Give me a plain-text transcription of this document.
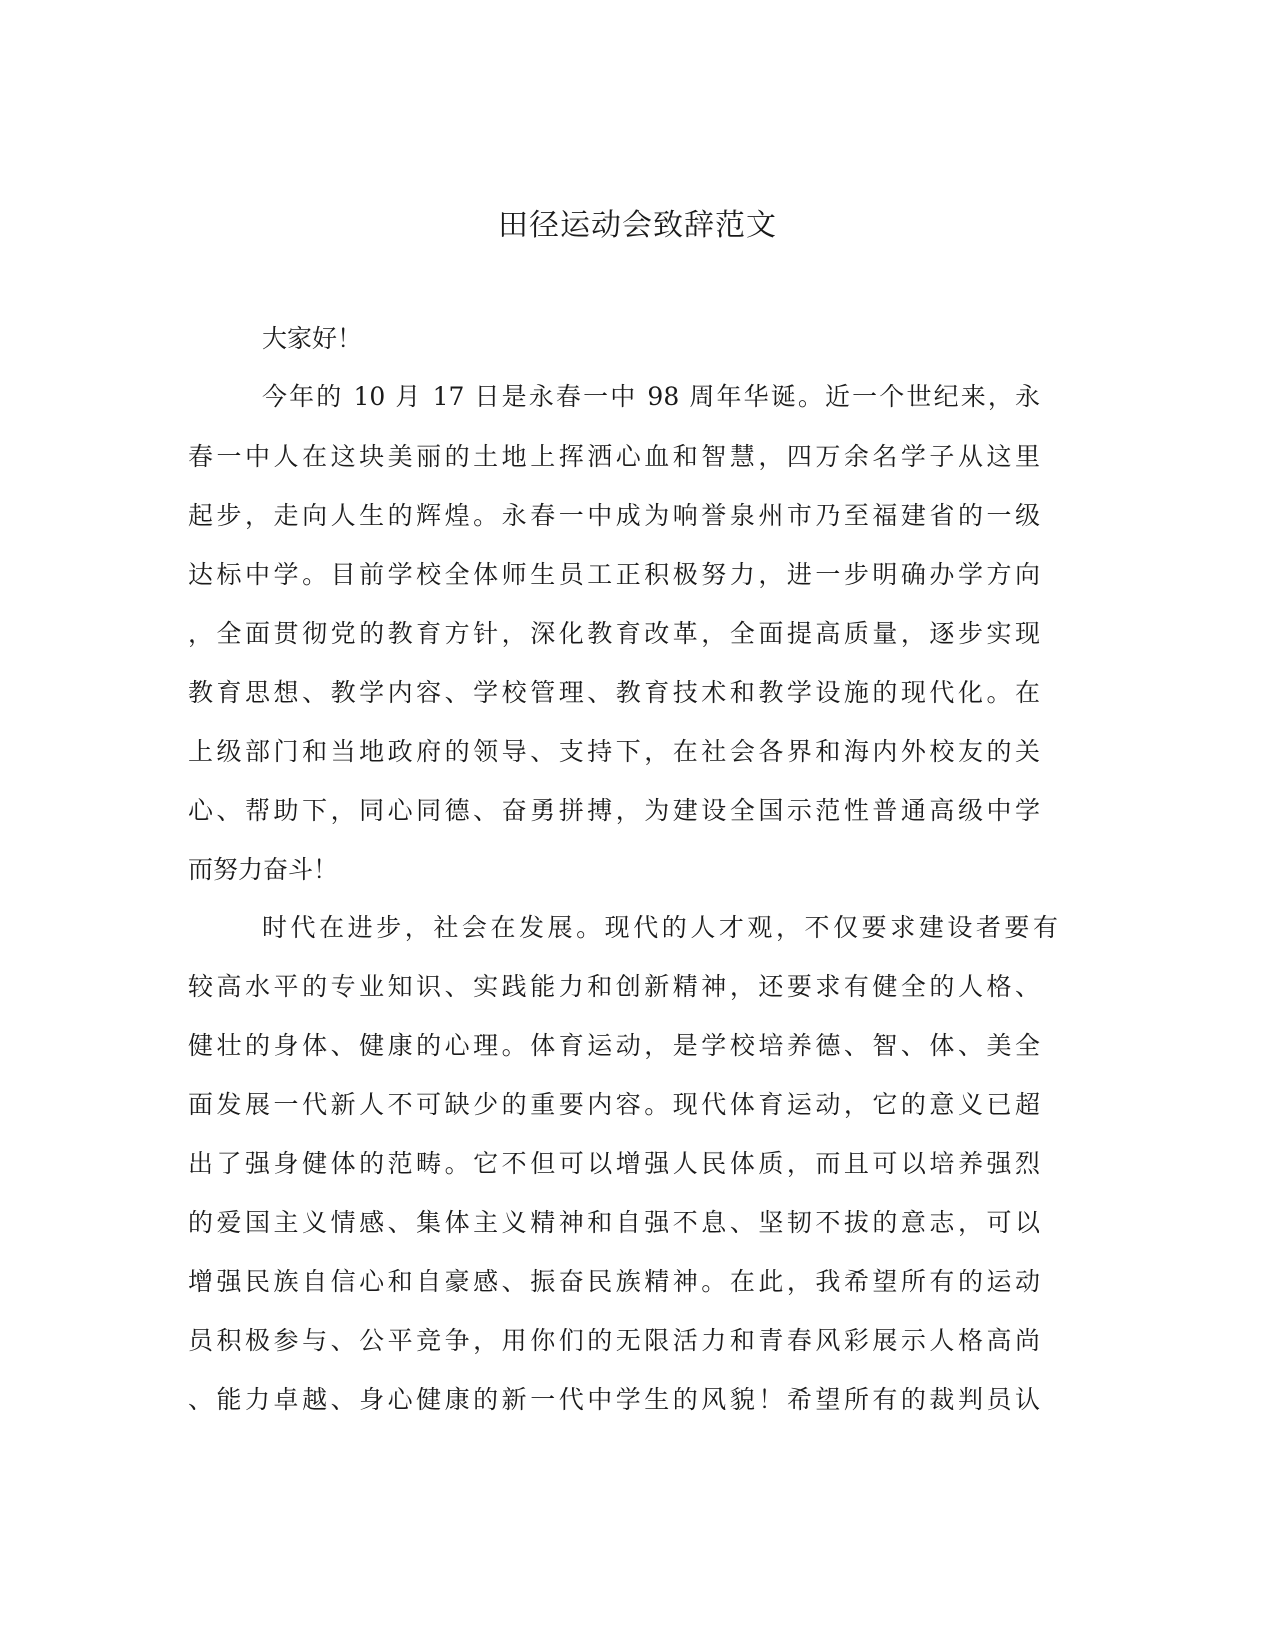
田径运动会致辞范文

大家好！

今年的 10 月 17 日是永春一中 98 周年华诞。近一个世纪来，永

春一中人在这块美丽的土地上挥洒心血和智慧，四万余名学子从这里

起步，走向人生的辉煌。永春一中成为响誉泉州市乃至福建省的一级

达标中学。目前学校全体师生员工正积极努力，进一步明确办学方向

，全面贯彻党的教育方针，深化教育改革，全面提高质量，逐步实现

教育思想、教学内容、学校管理、教育技术和教学设施的现代化。在

上级部门和当地政府的领导、支持下，在社会各界和海内外校友的关

心、帮助下，同心同德、奋勇拼搏，为建设全国示范性普通高级中学

而努力奋斗！

时代在进步，社会在发展。现代的人才观，不仅要求建设者要有

较高水平的专业知识、实践能力和创新精神，还要求有健全的人格、

健壮的身体、健康的心理。体育运动，是学校培养德、智、体、美全

面发展一代新人不可缺少的重要内容。现代体育运动，它的意义已超

出了强身健体的范畴。它不但可以增强人民体质，而且可以培养强烈

的爱国主义情感、集体主义精神和自强不息、坚韧不拔的意志，可以

增强民族自信心和自豪感、振奋民族精神。在此，我希望所有的运动

员积极参与、公平竞争，用你们的无限活力和青春风彩展示人格高尚

、能力卓越、身心健康的新一代中学生的风貌！希望所有的裁判员认
